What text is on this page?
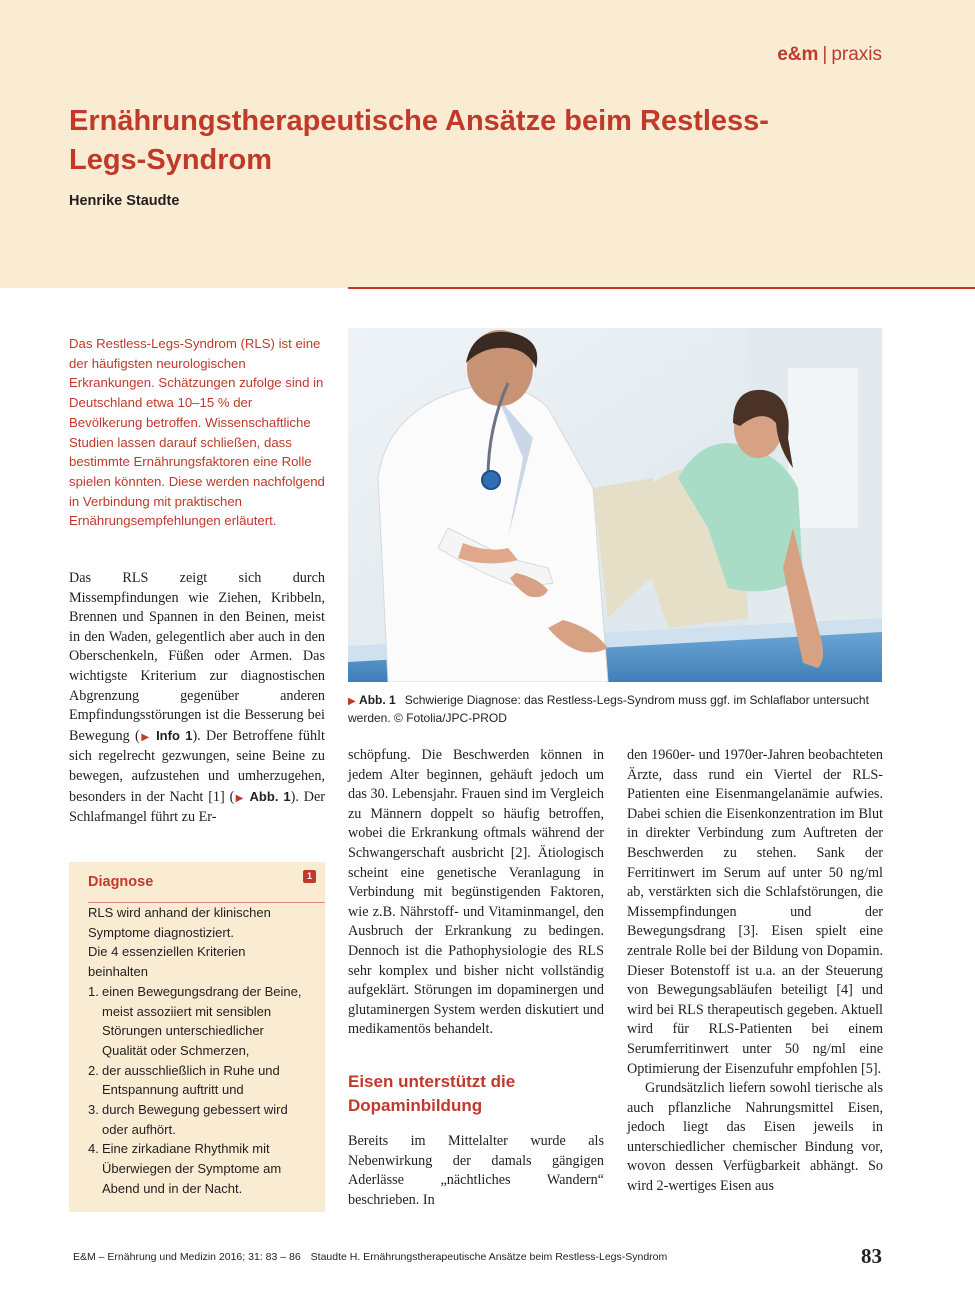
e&m | praxis
Ernährungstherapeutische Ansätze beim Restless-Legs-Syndrom
Henrike Staudte

Das Restless-Legs-Syndrom (RLS) ist eine der häufigsten neurologischen Erkrankungen. Schätzungen zufolge sind in Deutschland etwa 10–15 % der Bevölkerung betroffen. Wissenschaftliche Studien lassen darauf schließen, dass bestimmte Ernährungsfaktoren eine Rolle spielen könnten. Diese werden nachfolgend in Verbindung mit praktischen Ernährungsempfehlungen erläutert.

Das RLS zeigt sich durch Missempfindungen wie Ziehen, Kribbeln, Brennen und Spannen in den Beinen, meist in den Waden, gelegentlich aber auch in den Oberschenkeln, Füßen oder Armen. Das wichtigste Kriterium zur diagnostischen Abgrenzung gegenüber anderen Empfindungsstörungen ist die Besserung bei Bewegung (▶ Info 1). Der Betroffene fühlt sich regelrecht gezwungen, seine Beine zu bewegen, aufzustehen und umherzugehen, besonders in der Nacht [1] (▶ Abb. 1). Der Schlafmangel führt zu Er-

▶ Abb. 1 Schwierige Diagnose: das Restless-Legs-Syndrom muss ggf. im Schlaflabor untersucht werden. © Fotolia/JPC-PROD

Diagnose	1

RLS wird anhand der klinischen Symptome diagnostiziert.

Die 4 essenziellen Kriterien beinhalten

1. einen Bewegungsdrang der Beine, meist assoziiert mit sensiblen Störungen unterschiedlicher Qualität oder Schmerzen,
2. der ausschließlich in Ruhe und Entspannung auftritt und
3. durch Bewegung gebessert wird oder aufhört.
4. Eine zirkadiane Rhythmik mit Überwiegen der Symptome am Abend und in der Nacht.

schöpfung. Die Beschwerden können in jedem Alter beginnen, gehäuft jedoch um das 30. Lebensjahr. Frauen sind im Vergleich zu Männern doppelt so häufig betroffen, wobei die Erkrankung oftmals während der Schwangerschaft ausbricht [2]. Ätiologisch scheint eine genetische Veranlagung in Verbindung mit begünstigenden Faktoren, wie z.B. Nährstoff- und Vitaminmangel, den Ausbruch der Erkrankung zu bedingen. Dennoch ist die Pathophysiologie des RLS sehr komplex und bisher nicht vollständig aufgeklärt. Störungen im dopaminergen und glutaminergen System werden diskutiert und medikamentös behandelt.

Eisen unterstützt die Dopaminbildung

Bereits im Mittelalter wurde als Nebenwirkung der damals gängigen Aderlässe „nächtliches Wandern“ beschrieben. In

den 1960er- und 1970er-Jahren beobachteten Ärzte, dass rund ein Viertel der RLS-Patienten eine Eisenmangelanämie aufwies. Dabei schien die Eisenkonzentration im Blut in direkter Verbindung zum Auftreten der Beschwerden zu stehen. Sank der Ferritinwert im Serum auf unter 50 ng/ml ab, verstärkten sich die Schlafstörungen, die Missempfindungen und der Bewegungsdrang [3]. Eisen spielt eine zentrale Rolle bei der Bildung von Dopamin. Dieser Botenstoff ist u.a. an der Steuerung von Bewegungsabläufen beteiligt [4] und wird bei RLS therapeutisch gegeben. Aktuell wird für RLS-Patienten bei einem Serumferritinwert unter 50 ng/ml eine Optimierung der Eisenzufuhr empfohlen [5].

Grundsätzlich liefern sowohl tierische als auch pflanzliche Nahrungsmittel Eisen, jedoch liegt das Eisen jeweils in unterschiedlicher chemischer Bindung vor, wovon dessen Verfügbarkeit abhängt. So wird 2-wertiges Eisen aus

E&M – Ernährung und Medizin 2016; 31: 83 – 86 Staudte H. Ernährungstherapeutische Ansätze beim Restless-Legs-Syndrom	83
